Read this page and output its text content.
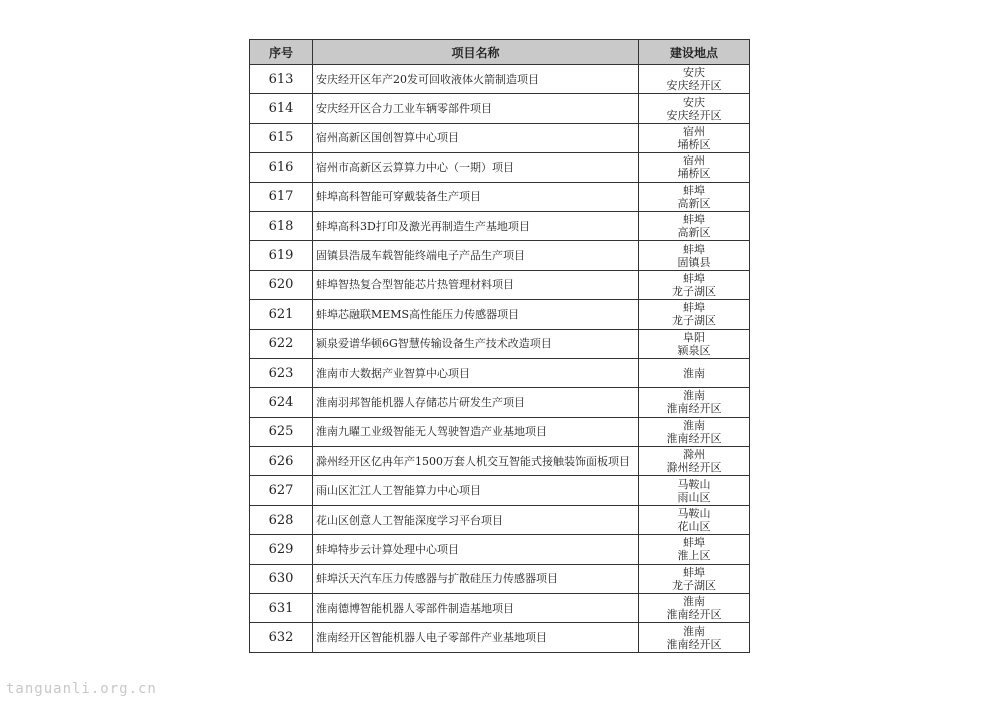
序号	项目名称	建设地点
613	安庆经开区年产20发可回收液体火箭制造项目	安庆
安庆经开区

614	安庆经开区合力工业车辆零部件项目	安庆
安庆经开区

615	宿州高新区国创智算中心项目	宿州
埇桥区

616	宿州市高新区云算算力中心（一期）项目	宿州
埇桥区

617	蚌埠高科智能可穿戴装备生产项目	蚌埠
高新区

618	蚌埠高科3D打印及激光再制造生产基地项目	蚌埠
高新区

619	固镇县浩晟车载智能终端电子产品生产项目	蚌埠
固镇县

620	蚌埠智热复合型智能芯片热管理材料项目	蚌埠
龙子湖区

621	蚌埠芯融联MEMS高性能压力传感器项目	蚌埠
龙子湖区

622	颍泉爱谱华顿6G智慧传输设备生产技术改造项目	阜阳
颍泉区

623	淮南市大数据产业智算中心项目	淮南

624	淮南羽邦智能机器人存储芯片研发生产项目	淮南
淮南经开区

625	淮南九曜工业级智能无人驾驶智造产业基地项目	淮南
淮南经开区

626	滁州经开区亿冉年产1500万套人机交互智能式接触装饰面板项目	滁州
滁州经开区

627	雨山区汇江人工智能算力中心项目	马鞍山
雨山区

628	花山区创意人工智能深度学习平台项目	马鞍山
花山区

629	蚌埠特步云计算处理中心项目	蚌埠
淮上区

630	蚌埠沃天汽车压力传感器与扩散硅压力传感器项目	蚌埠
龙子湖区

631	淮南德博智能机器人零部件制造基地项目	淮南
淮南经开区

632	淮南经开区智能机器人电子零部件产业基地项目	淮南
淮南经开区
tanguanli.org.cn
